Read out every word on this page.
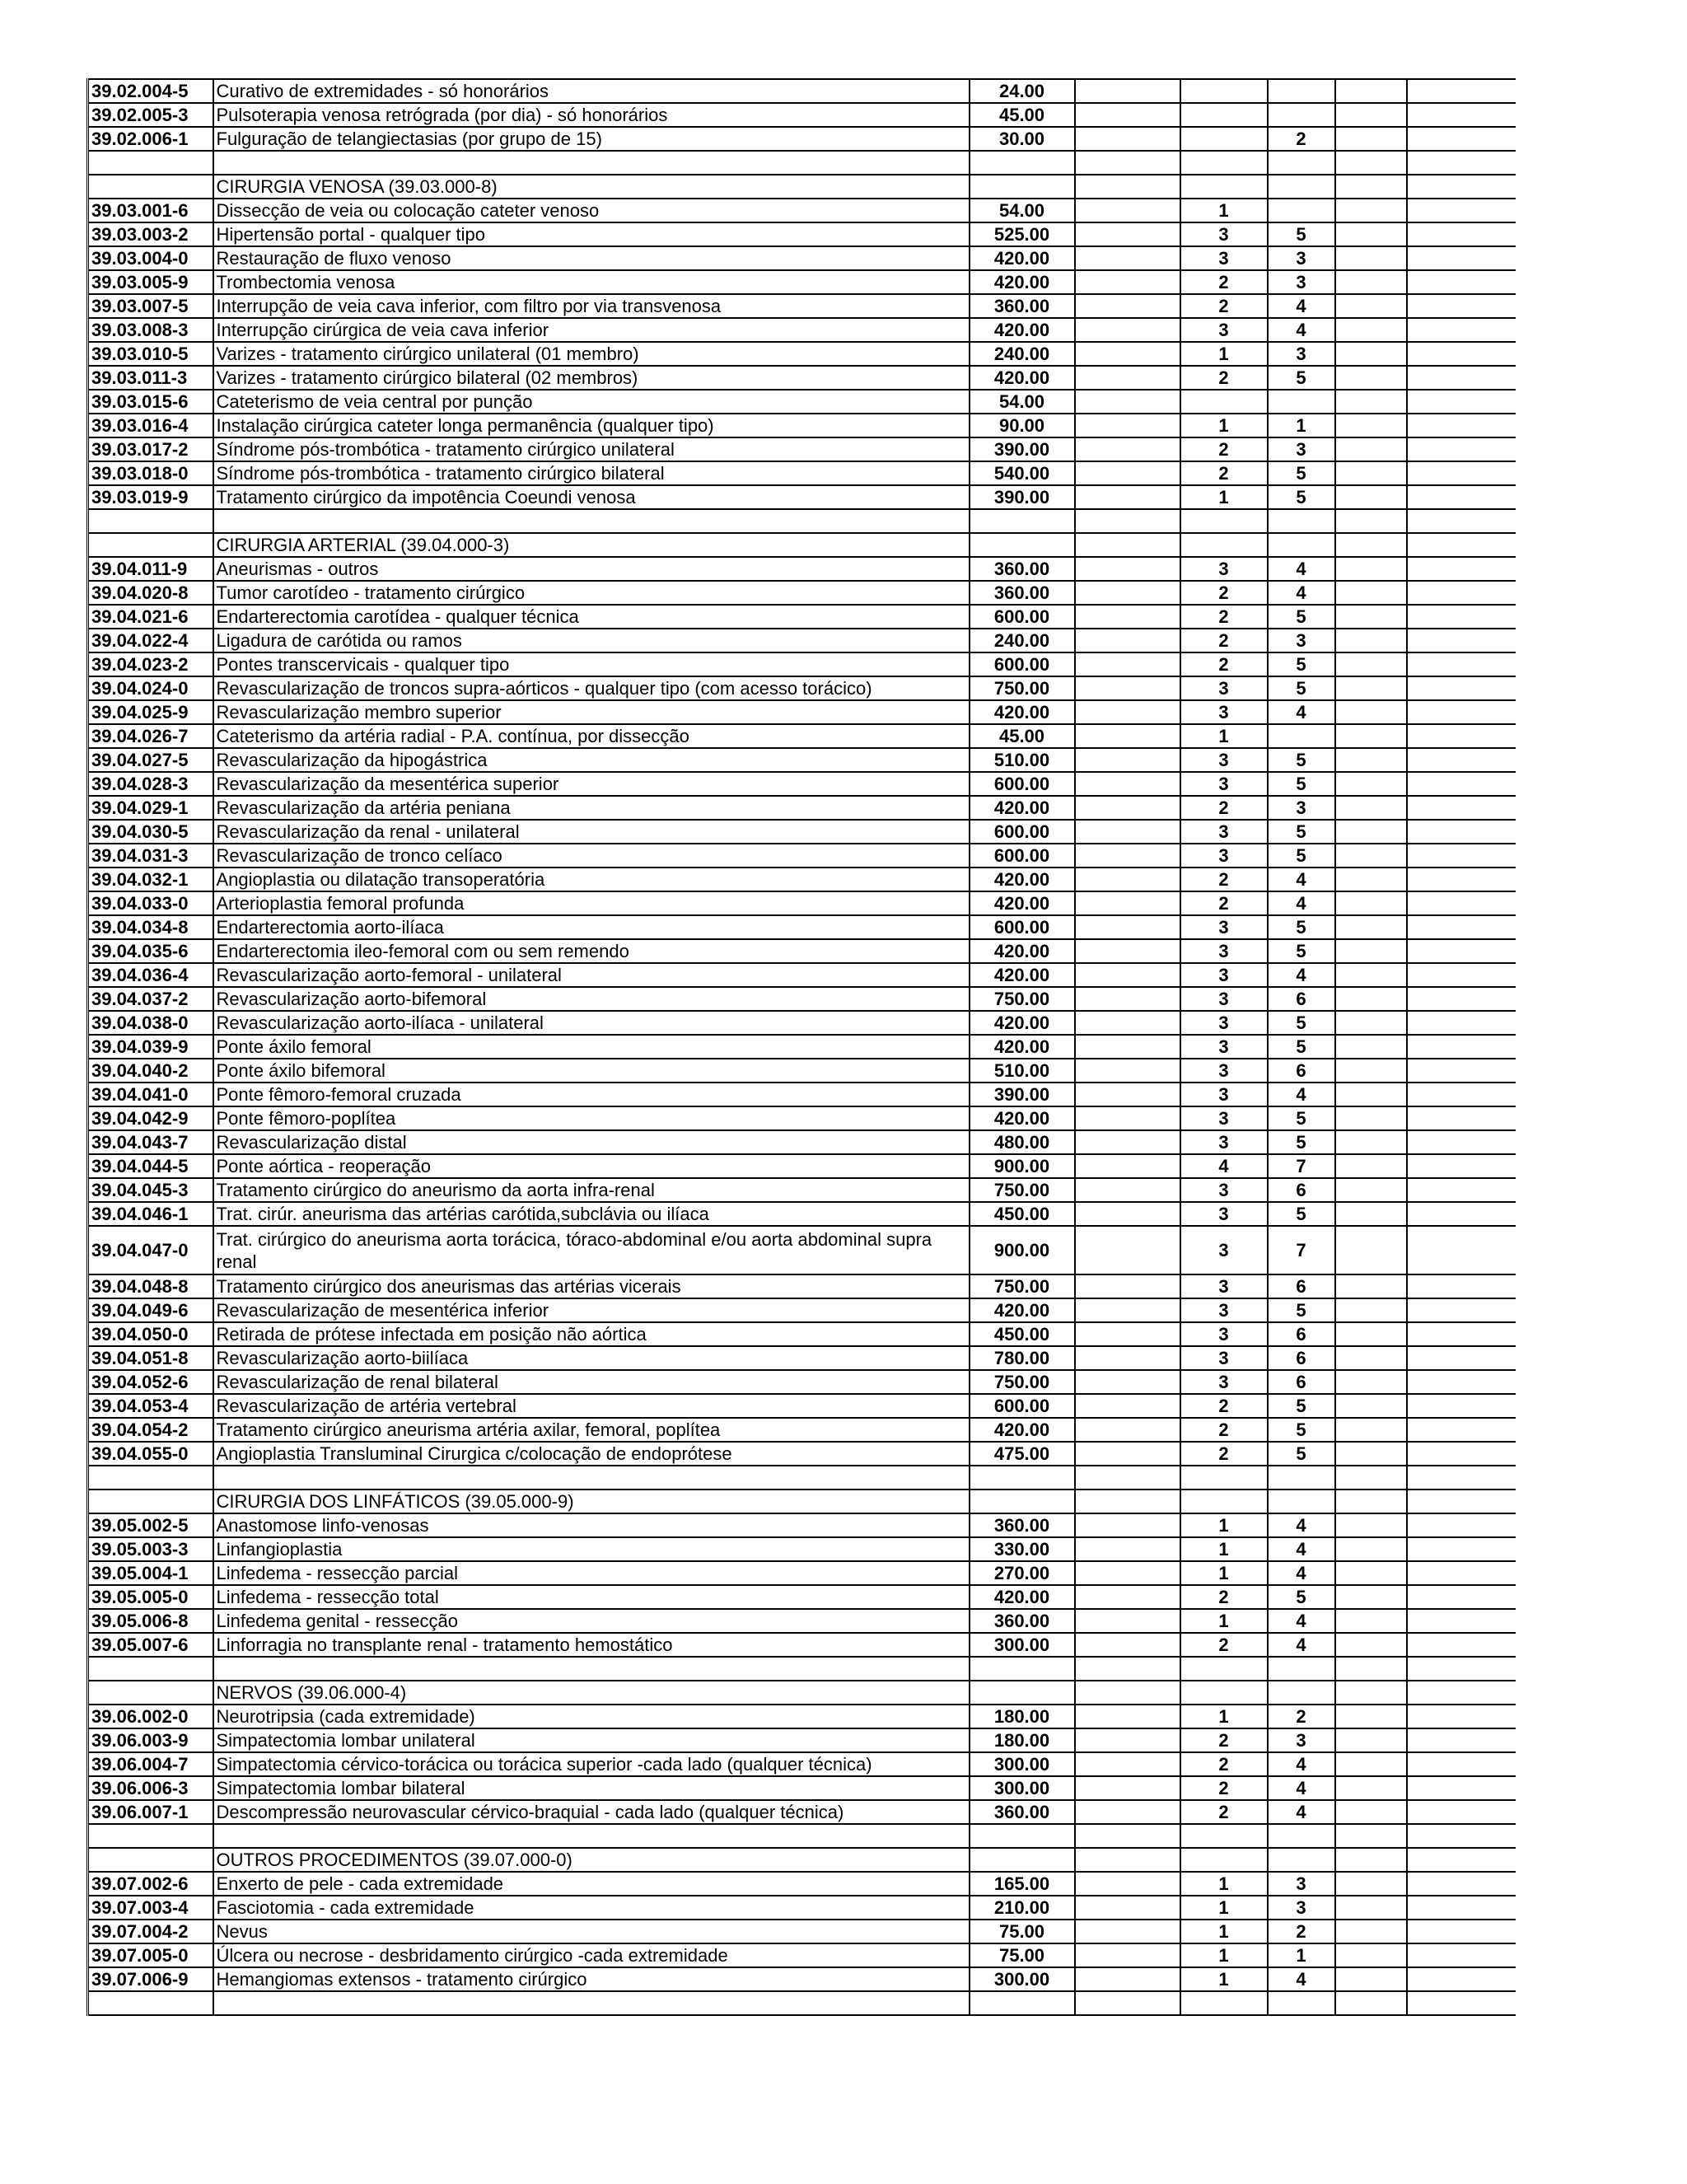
39.02.004-5	Curativo de extremidades - só honorários	24.00					
39.02.005-3	Pulsoterapia venosa retrógrada (por dia) - só honorários	45.00					
39.02.006-1	Fulguração de telangiectasias (por grupo de 15)	30.00			2		

	CIRURGIA VENOSA (39.03.000-8)						
39.03.001-6	Dissecção de veia ou colocação cateter venoso	54.00		1			
39.03.003-2	Hipertensão portal - qualquer tipo	525.00		3	5		
39.03.004-0	Restauração de fluxo venoso	420.00		3	3		
39.03.005-9	Trombectomia venosa	420.00		2	3		
39.03.007-5	Interrupção de veia cava inferior, com filtro por via transvenosa	360.00		2	4		
39.03.008-3	Interrupção cirúrgica de veia cava inferior	420.00		3	4		
39.03.010-5	Varizes - tratamento cirúrgico unilateral (01 membro)	240.00		1	3		
39.03.011-3	Varizes - tratamento cirúrgico bilateral (02 membros)	420.00		2	5		
39.03.015-6	Cateterismo de veia central por punção	54.00					
39.03.016-4	Instalação cirúrgica cateter longa permanência (qualquer tipo)	90.00		1	1		
39.03.017-2	Síndrome pós-trombótica - tratamento cirúrgico unilateral	390.00		2	3		
39.03.018-0	Síndrome pós-trombótica - tratamento cirúrgico bilateral	540.00		2	5		
39.03.019-9	Tratamento cirúrgico da impotência Coeundi venosa	390.00		1	5		

	CIRURGIA ARTERIAL (39.04.000-3)						
39.04.011-9	Aneurismas - outros	360.00		3	4		
39.04.020-8	Tumor carotídeo - tratamento cirúrgico	360.00		2	4		
39.04.021-6	Endarterectomia carotídea - qualquer técnica	600.00		2	5		
39.04.022-4	Ligadura de carótida ou ramos	240.00		2	3		
39.04.023-2	Pontes transcervicais - qualquer tipo	600.00		2	5		
39.04.024-0	Revascularização de troncos supra-aórticos - qualquer tipo (com acesso torácico)	750.00		3	5		
39.04.025-9	Revascularização membro superior	420.00		3	4		
39.04.026-7	Cateterismo da artéria radial - P.A. contínua, por dissecção	45.00		1			
39.04.027-5	Revascularização da hipogástrica	510.00		3	5		
39.04.028-3	Revascularização da mesentérica superior	600.00		3	5		
39.04.029-1	Revascularização da artéria peniana	420.00		2	3		
39.04.030-5	Revascularização da renal - unilateral	600.00		3	5		
39.04.031-3	Revascularização de tronco celíaco	600.00		3	5		
39.04.032-1	Angioplastia ou dilatação transoperatória	420.00		2	4		
39.04.033-0	Arterioplastia femoral profunda	420.00		2	4		
39.04.034-8	Endarterectomia aorto-ilíaca	600.00		3	5		
39.04.035-6	Endarterectomia ileo-femoral com ou sem remendo	420.00		3	5		
39.04.036-4	Revascularização aorto-femoral - unilateral	420.00		3	4		
39.04.037-2	Revascularização aorto-bifemoral	750.00		3	6		
39.04.038-0	Revascularização aorto-ilíaca - unilateral	420.00		3	5		
39.04.039-9	Ponte áxilo femoral	420.00		3	5		
39.04.040-2	Ponte áxilo bifemoral	510.00		3	6		
39.04.041-0	Ponte fêmoro-femoral cruzada	390.00		3	4		
39.04.042-9	Ponte fêmoro-poplítea	420.00		3	5		
39.04.043-7	Revascularização distal	480.00		3	5		
39.04.044-5	Ponte aórtica - reoperação	900.00		4	7		
39.04.045-3	Tratamento cirúrgico do aneurismo da aorta infra-renal	750.00		3	6		
39.04.046-1	Trat. cirúr. aneurisma das artérias carótida,subclávia ou ilíaca	450.00		3	5		
39.04.047-0	Trat. cirúrgico do aneurisma aorta torácica, tóraco-abdominal e/ou aorta abdominal supra renal	900.00		3	7		
39.04.048-8	Tratamento cirúrgico dos aneurismas das artérias vicerais	750.00		3	6		
39.04.049-6	Revascularização de mesentérica inferior	420.00		3	5		
39.04.050-0	Retirada de prótese infectada em posição não aórtica	450.00		3	6		
39.04.051-8	Revascularização aorto-biilíaca	780.00		3	6		
39.04.052-6	Revascularização de renal bilateral	750.00		3	6		
39.04.053-4	Revascularização de artéria vertebral	600.00		2	5		
39.04.054-2	Tratamento cirúrgico aneurisma artéria axilar, femoral, poplítea	420.00		2	5		
39.04.055-0	Angioplastia Transluminal Cirurgica c/colocação de endoprótese	475.00		2	5		

	CIRURGIA DOS LINFÁTICOS (39.05.000-9)						
39.05.002-5	Anastomose linfo-venosas	360.00		1	4		
39.05.003-3	Linfangioplastia	330.00		1	4		
39.05.004-1	Linfedema - ressecção parcial	270.00		1	4		
39.05.005-0	Linfedema - ressecção total	420.00		2	5		
39.05.006-8	Linfedema genital - ressecção	360.00		1	4		
39.05.007-6	Linforragia no transplante renal - tratamento hemostático	300.00		2	4		

	NERVOS (39.06.000-4)						
39.06.002-0	Neurotripsia (cada extremidade)	180.00		1	2		
39.06.003-9	Simpatectomia lombar unilateral	180.00		2	3		
39.06.004-7	Simpatectomia cérvico-torácica ou torácica superior -cada lado (qualquer técnica)	300.00		2	4		
39.06.006-3	Simpatectomia lombar bilateral	300.00		2	4		
39.06.007-1	Descompressão neurovascular cérvico-braquial - cada lado (qualquer técnica)	360.00		2	4		

	OUTROS PROCEDIMENTOS (39.07.000-0)						
39.07.002-6	Enxerto de pele - cada extremidade	165.00		1	3		
39.07.003-4	Fasciotomia - cada extremidade	210.00		1	3		
39.07.004-2	Nevus	75.00		1	2		
39.07.005-0	Úlcera ou necrose - desbridamento cirúrgico -cada extremidade	75.00		1	1		
39.07.006-9	Hemangiomas extensos - tratamento cirúrgico	300.00		1	4		
